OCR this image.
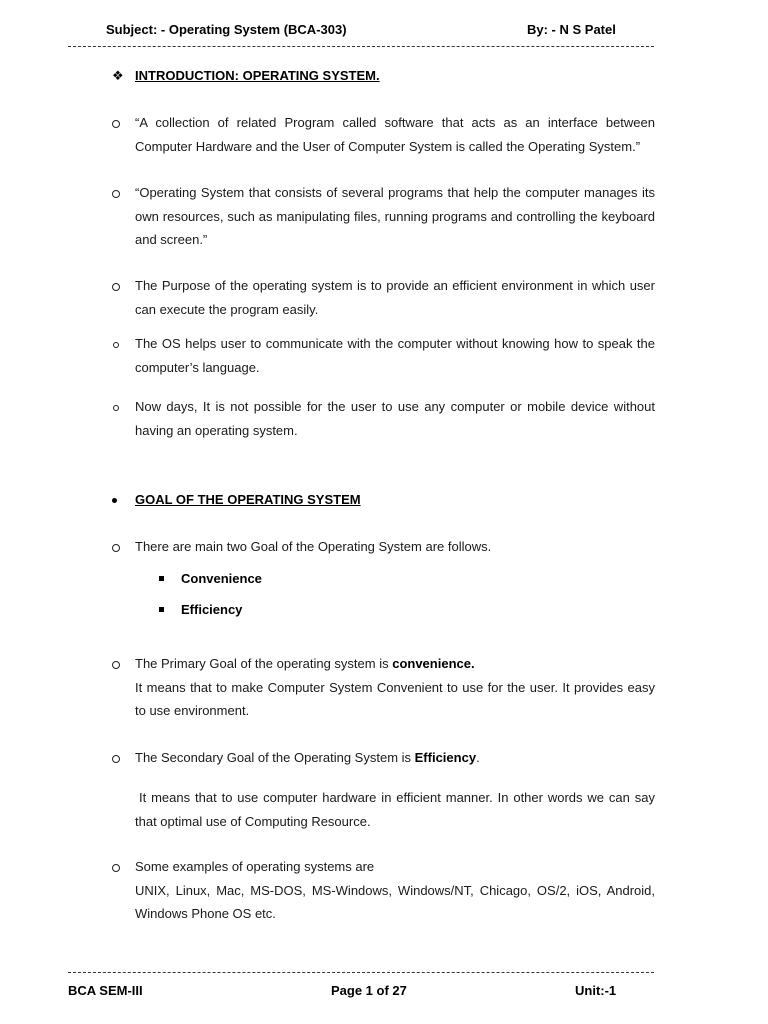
Subject: - Operating System (BCA-303)	By: - N S Patel
❖ INTRODUCTION: OPERATING SYSTEM.
“A collection of related Program called software that acts as an interface between Computer Hardware and the User of Computer System is called the Operating System.”
“Operating System that consists of several programs that help the computer manages its own resources, such as manipulating files, running programs and controlling the keyboard and screen.”
The Purpose of the operating system is to provide an efficient environment in which user can execute the program easily.
The OS helps user to communicate with the computer without knowing how to speak the computer’s language.
Now days, It is not possible for the user to use any computer or mobile device without having an operating system.
GOAL OF THE OPERATING SYSTEM
There are main two Goal of the Operating System are follows.
Convenience
Efficiency
The Primary Goal of the operating system is convenience.
It means that to make Computer System Convenient to use for the user. It provides easy to use environment.
The Secondary Goal of the Operating System is Efficiency.
It means that to use computer hardware in efficient manner. In other words we can say that optimal use of Computing Resource.
Some examples of operating systems are
UNIX, Linux, Mac, MS-DOS, MS-Windows, Windows/NT, Chicago, OS/2, iOS, Android, Windows Phone OS etc.
BCA SEM-III	Page 1 of 27	Unit:-1
